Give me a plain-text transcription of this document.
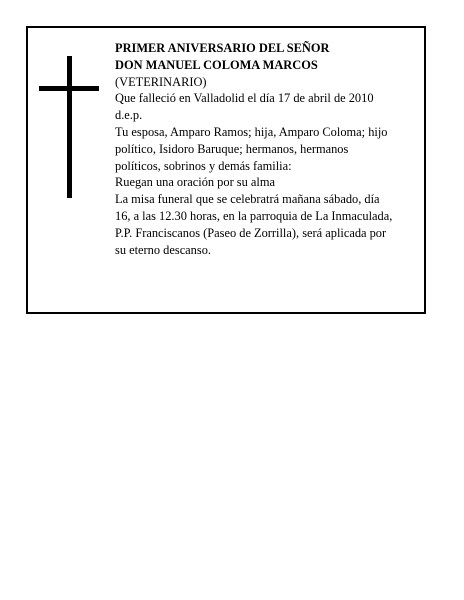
PRIMER ANIVERSARIO DEL SEÑOR
DON MANUEL COLOMA MARCOS
(VETERINARIO)
Que falleció en Valladolid el día 17 de abril de 2010
d.e.p.
Tu esposa, Amparo Ramos; hija, Amparo Coloma; hijo
político, Isidoro Baruque; hermanos, hermanos
políticos, sobrinos y demás familia:
Ruegan una oración por su alma
La misa funeral que se celebratrá mañana sábado, día
16, a las 12.30 horas, en la parroquia de La Inmaculada,
P.P. Franciscanos (Paseo de Zorrilla), será aplicada por
su eterno descanso.
